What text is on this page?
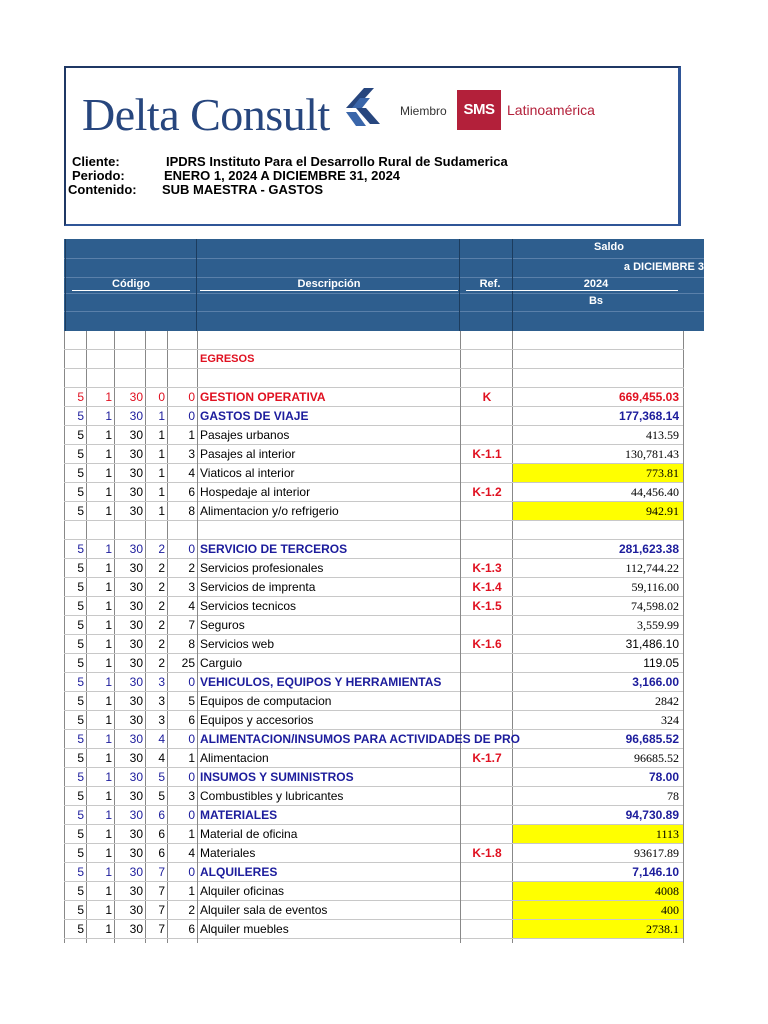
Delta Consult	Miembro	SMS Latinoamérica
Cliente:	IPDRS Instituto Para el Desarrollo Rural de Sudamerica
Periodo:	ENERO 1, 2024 A DICIEMBRE 31, 2024
Contenido: SUB MAESTRA - GASTOS
Código	Descripción	Ref.
Saldo
a DICIEMBRE 3
2024
Bs
EGRESOS
5	1	30	0	0 GESTION OPERATIVA	K	669,455.03
5	1	30	1	0 GASTOS DE VIAJE	177,368.14
5	1	30	1	1 Pasajes urbanos	413.59
5	1	30	1	3 Pasajes al interior	K-1.1	130,781.43
5	1	30	1	4 Viaticos al interior	773.81
5	1	30	1	6 Hospedaje al interior	K-1.2	44,456.40
5	1	30	1	8 Alimentacion y/o refrigerio	942.91
5	1	30	2	0 SERVICIO DE TERCEROS	281,623.38
5	1	30	2	2 Servicios profesionales	K-1.3	112,744.22
5	1	30	2	3 Servicios de imprenta	K-1.4	59,116.00
5	1	30	2	4 Servicios tecnicos	K-1.5	74,598.02
5	1	30	2	7 Seguros	3,559.99
5	1	30	2	8 Servicios web	K-1.6	31,486.10
5	1	30	2	25 Carguio	119.05
5	1	30	3	0 VEHICULOS, EQUIPOS Y HERRAMIENTAS	3,166.00
5	1	30	3	5 Equipos de computacion	2842
5	1	30	3	6 Equipos y accesorios	324
5	1	30	4	0 ALIMENTACION/INSUMOS PARA ACTIVIDADES DE PRO	96,685.52
5	1	30	4	1 Alimentacion	K-1.7	96685.52
5	1	30	5	0 INSUMOS Y SUMINISTROS	78.00
5	1	30	5	3 Combustibles y lubricantes	78
5	1	30	6	0 MATERIALES	94,730.89
5	1	30	6	1 Material de oficina	1113
5	1	30	6	4 Materiales	K-1.8	93617.89
5	1	30	7	0 ALQUILERES	7,146.10
5	1	30	7	1 Alquiler oficinas	4008
5	1	30	7	2 Alquiler sala de eventos	400
5	1	30	7	6 Alquiler muebles	2738.1
